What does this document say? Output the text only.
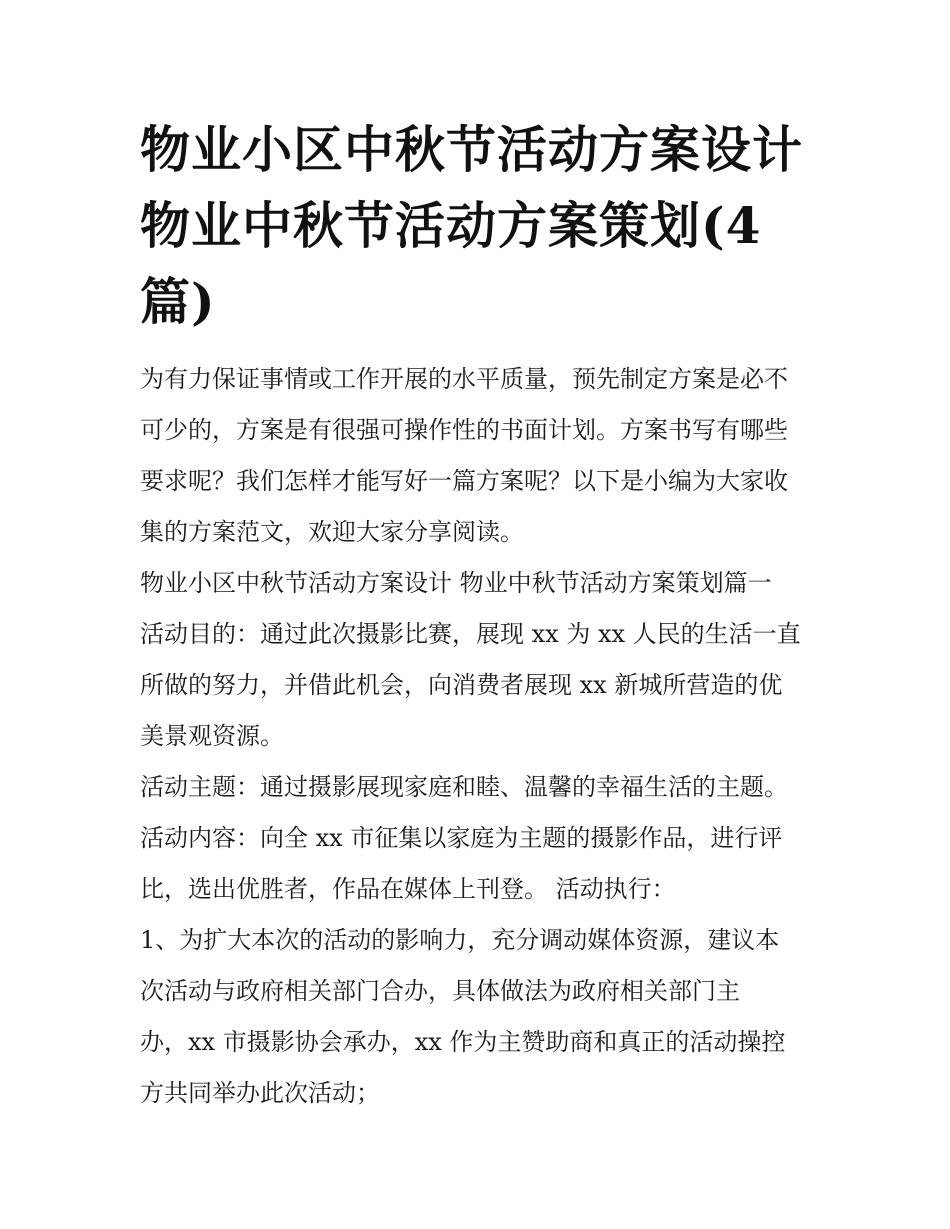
物业小区中秋节活动方案设计
物业中秋节活动方案策划(4
篇)

为有力保证事情或工作开展的水平质量，预先制定方案是必不
可少的，方案是有很强可操作性的书面计划。方案书写有哪些
要求呢？我们怎样才能写好一篇方案呢？以下是小编为大家收
集的方案范文，欢迎大家分享阅读。

物业小区中秋节活动方案设计 物业中秋节活动方案策划篇一

活动目的：通过此次摄影比赛，展现 xx 为 xx 人民的生活一直
所做的努力，并借此机会，向消费者展现 xx 新城所营造的优
美景观资源。

活动主题：通过摄影展现家庭和睦、温馨的幸福生活的主题。

活动内容：向全 xx 市征集以家庭为主题的摄影作品，进行评
比，选出优胜者，作品在媒体上刊登。 活动执行：

1、为扩大本次的活动的影响力，充分调动媒体资源，建议本
次活动与政府相关部门合办，具体做法为政府相关部门主
办，xx 市摄影协会承办，xx 作为主赞助商和真正的活动操控
方共同举办此次活动；
